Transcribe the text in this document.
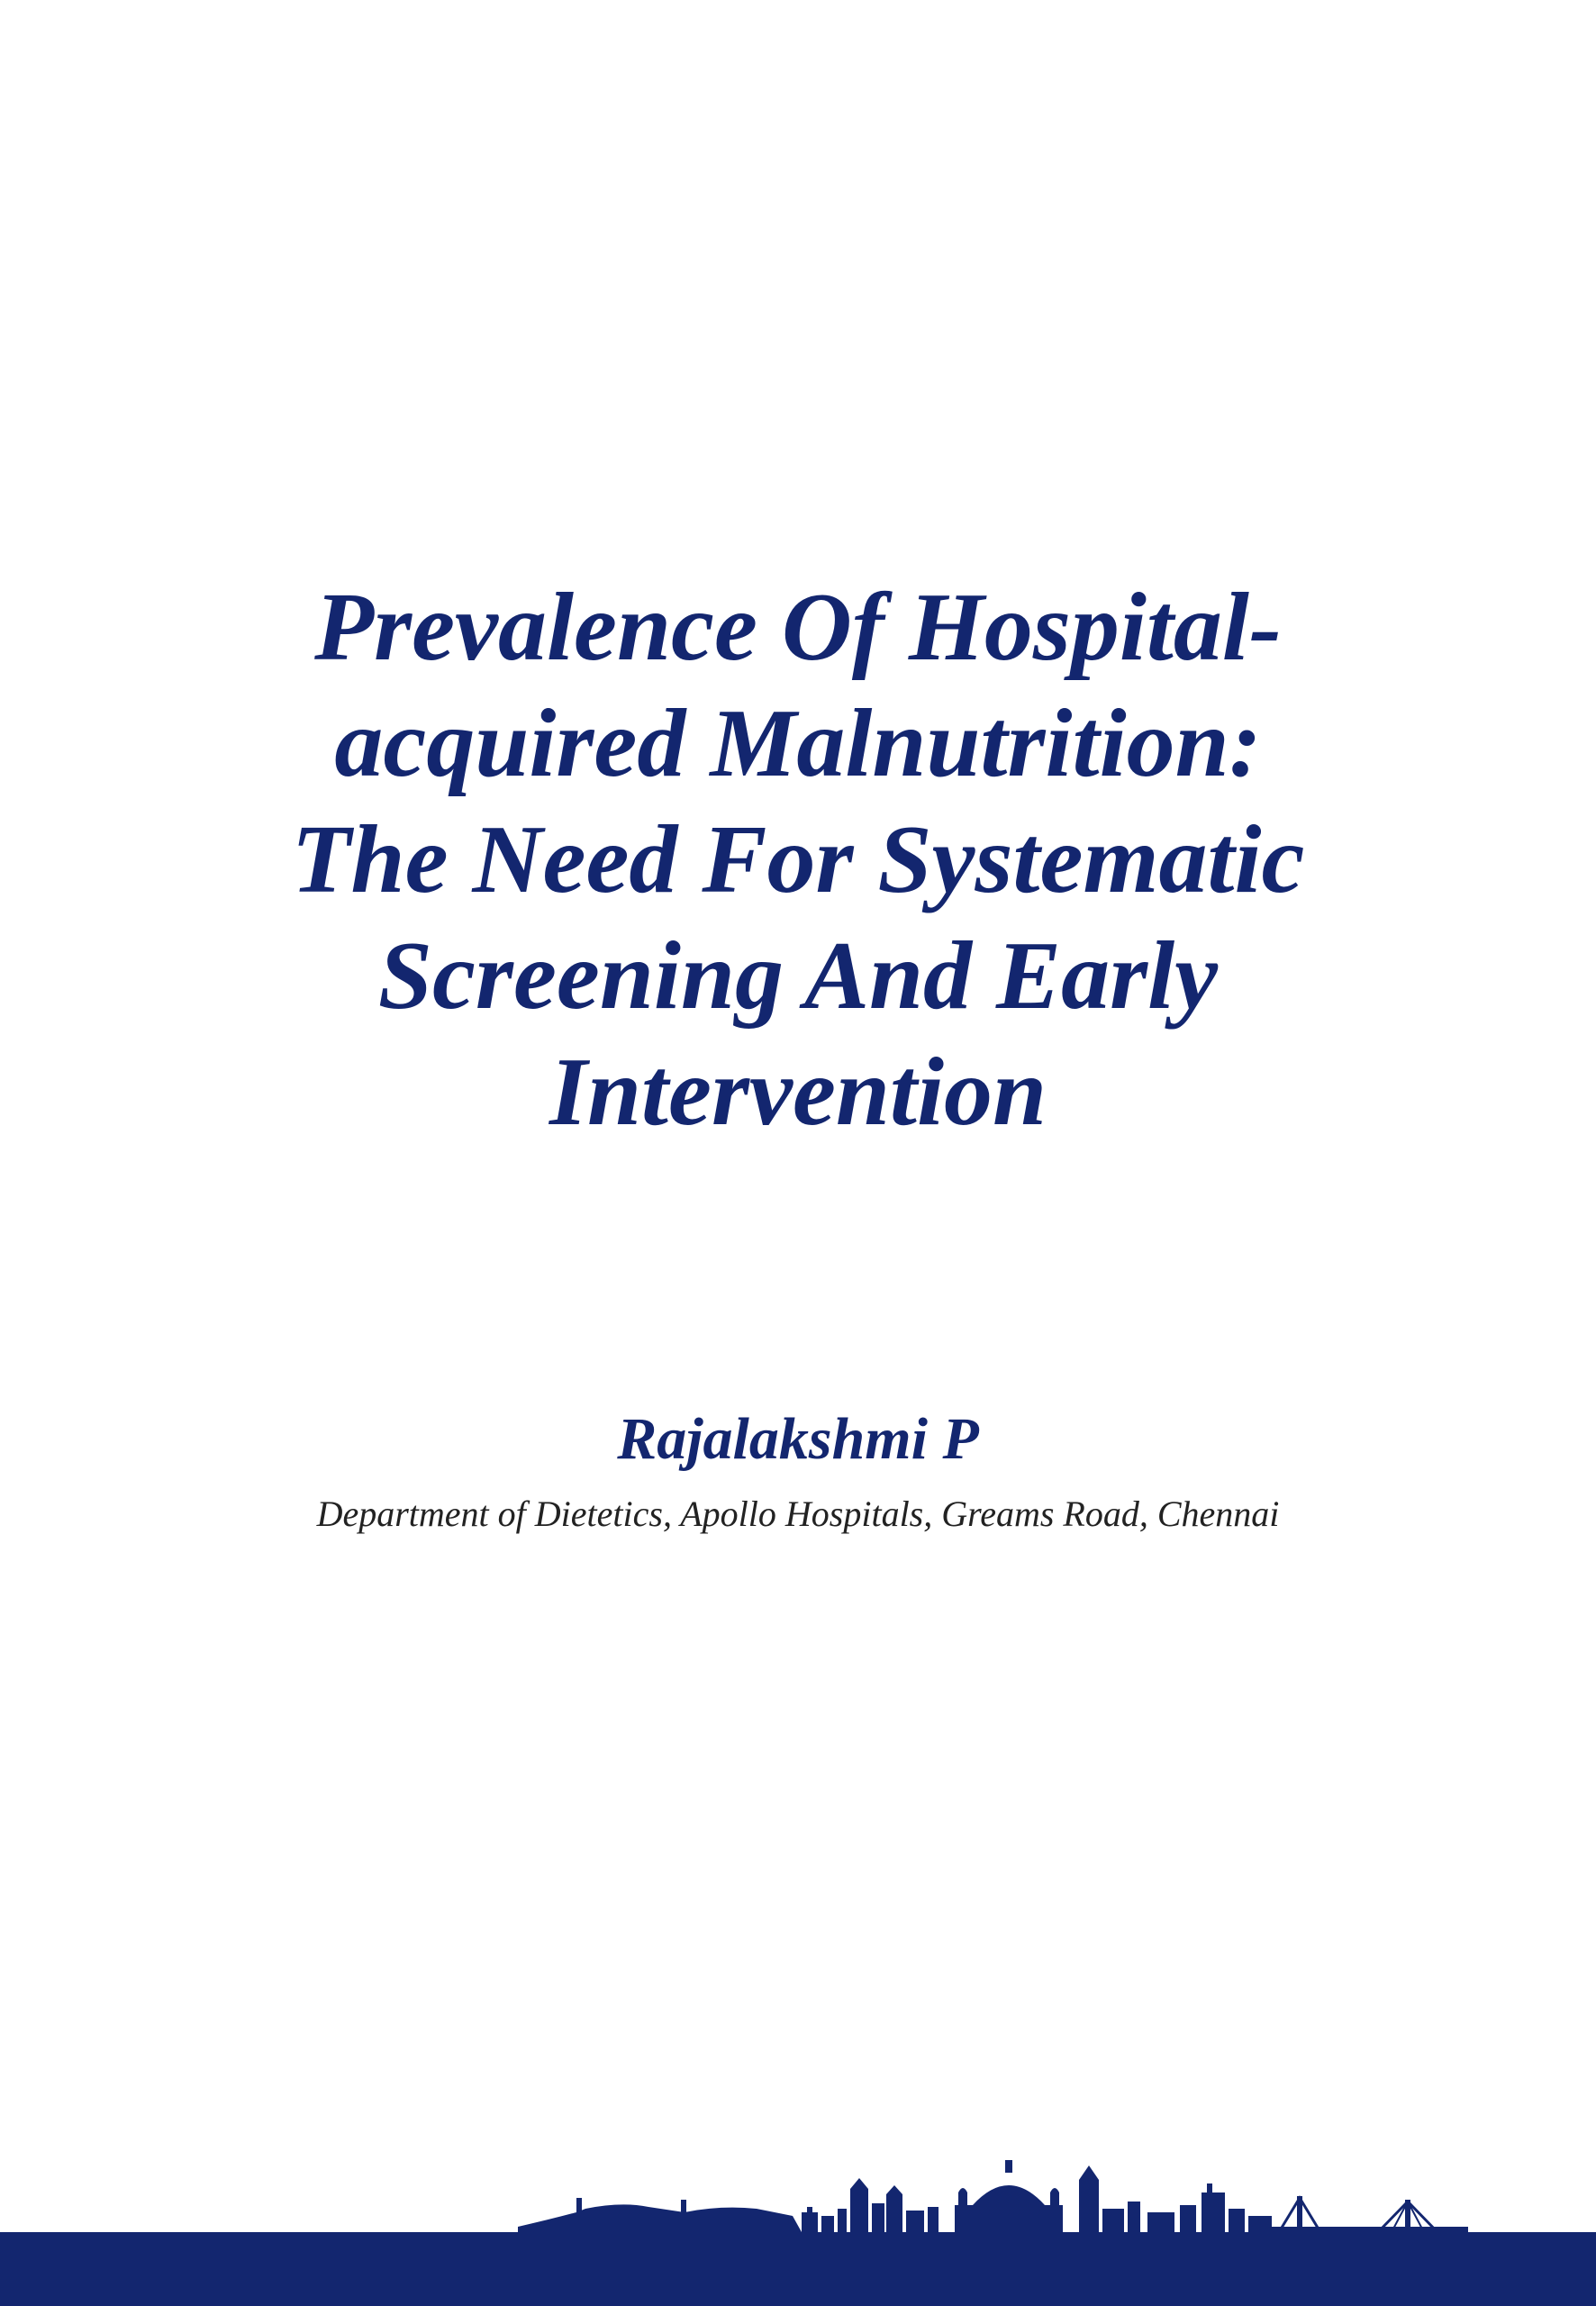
Prevalence Of Hospital-
acquired Malnutrition:
The Need For Systematic
Screening And Early
Intervention

Rajalakshmi P

Department of Dietetics, Apollo Hospitals, Greams Road, Chennai
